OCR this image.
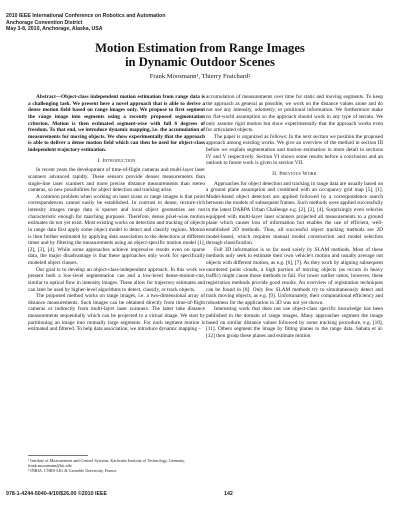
2010 IEEE International Conference on Robotics and Automation
Anchorage Convention District
May 3-8, 2010, Anchorage, Alaska, USA
Motion Estimation from Range Images
in Dynamic Outdoor Scenes
Frank Moosmann¹, Thierry Fraichard²

Abstract—Object-class independent motion estimation from range data is a challenging task. We present here a novel approach that is able to derive a dense motion field based on range images only. We propose to first segment the range image into segments using a recently proposed segmentation criterion. Motion is then estimated segment-wise with full 6 degrees of freedom. To that end, we introduce dynamic mapping, i.e. the accumulation of measurements for moving objects. We show experimentally that the approach is able to deliver a dense motion field which can then be used for object-class independent trajectory estimation.

I. Introduction

In recent years the development of time-of-flight cameras and multi-layer laser scanners advanced rapidly. These sensors provide denser measurements than single-line laser scanners and more precise distance measurements than stereo cameras, so new possibilities for object detection and tracking arise.

A common problem when working on laser scans or range images is that point correspondences cannot easily be established. In contrast to dense, texture-rich intensity images range data is sparser and local object geometries are not characteristic enough for matching purposes. Therefore, dense pixel-wise motion estimates do not yet exist. Most existing works on detection and tracking of objects in range data first apply some object model to detect and classify regions. Motion is then further estimated by applying data association to the detections at different times and by filtering the measurements using an object-specific motion model [1], [2], [3], [4]. While some approaches achieve impressive results even on sparse data, the major disadvantage is that these approaches only work for specifically modeled object classes.

Our goal is to develop an object-class-independent approach. In this work we present both a low-level segmentation cue and a low-level dense-motion-cue, similar to optical flow in intensity images. These allow for trajectory estimates and can later be used by higher-level algorithms to detect, classify, or track objects.

The proposed method works on range images, i.e. a two-dimensional array of distance measurements. Such images can be obtained directly from time-of-flight cameras or indirectly from multi-layer laser scanners. The latter take distance measurements sequentially which can be projected to a virtual image. We start by partitioning an image into mutually large segments. For each segment motion is estimated and filtered. To help data association, we introduce dynamic mapping –

accumulation of measurements over time for static and moving segments. To keep the approach as general as possible, we work on the distance values alone and do not use any intensity, odometry, or positional information. We furthermore make no flat-world assumption so the approach should work in any type of terrain. We only assume rigid motion but show experimentally that the approach works even for articulated objects.

The paper is organized as follows: In the next section we position the proposed approach among existing works. We give an overview of the method in section III before we explain segmentation and motion estimation in more detail in sections IV and V respectively. Section VI shows some results before a conclusion and an outlook to future work is given in section VII.

II. Previous Work

Approaches for object detection and tracking in range data are usually based on a ground plane assumption and combined with an occupancy grid map [5], [1]. Model-based object detectors are applied followed by a correspondence search between the models of subsequent frames. Such methods were applied successfully in the latest DARPA Urban Challenge e.g. [2], [3], [4]. Surprisingly even vehicles equipped with multi-layer laser scanners projected all measurements to a ground plane which causes loss of information but enables the use of efficient, well-established 2D methods. Thus, all successful object tracking methods are 2D model-based, which requires manual model construction and model selection through classification.

Full 3D information is so far used solely by SLAM methods. Most of these methods only seek to estimate their own vehicle's motion and usually average out objects with different motion, as e.g. [6], [7]. As they work by aligning subsequent unordered point clouds, a high portion of moving objects (as occurs in heavy traffic) might cause those methods to fail. For lower outlier ratios, however, these registration methods provide good results. An overview of registration techniques can be found in [8]. Only few SLAM methods try to simultaneously detect and track moving objects, as e.g. [9]. Unfortunately, their computational efficiency and robustness for the application in 3D was not yet shown.

Interesting work that does not use object-class specific knowledge has been published in the domain of range images. Many approaches segment the image based on similar distance values followed by some tracking procedure, e.g. [10], [11]. Others segment the image by fitting planes to the range data. Sabata et al. [12] then group these planes and estimate motion

¹ Institute of Measurement and Control Systems, Karlsruhe Institute of Technology, Germany, frank.moosmann@kit.edu
² INRIA, CNRS-LIG & Grenoble University, France.
978-1-4244-5040-4/10/$26.00 ©2010 IEEE	142
